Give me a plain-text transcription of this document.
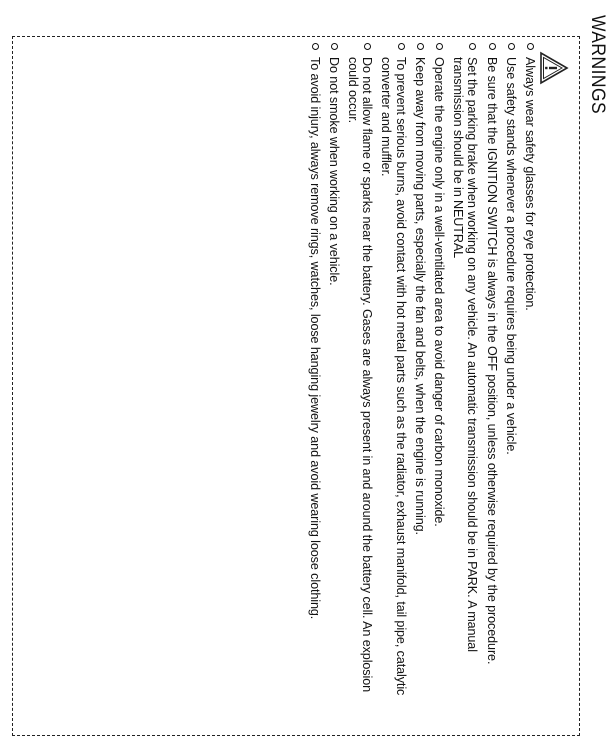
WARNINGS
Always wear safety glasses for eye protection.
Use safety stands whenever a procedure requires being under a vehicle.
Be sure that the IGNITION SWITCH is always in the OFF position, unless otherwise required by the procedure.
Set the parking brake when working on any vehicle. An automatic transmission should be in PARK. A manual transmission should be in NEUTRAL
Operate the engine only in a well-ventilated area to avoid danger of carbon monoxide.
Keep away from moving parts, especially the fan and belts, when the engine is running.
To prevent serious burns, avoid contact with hot metal parts such as the radiator, exhaust manifold, tail pipe, catalytic converter and muffler.
Do not allow flame or sparks near the battery. Gases are always present in and around the battery cell. An explosion could occur.
Do not smoke when working on a vehicle.
To avoid injury, always remove rings, watches, loose hanging jewelry and avoid wearing loose clothing.
